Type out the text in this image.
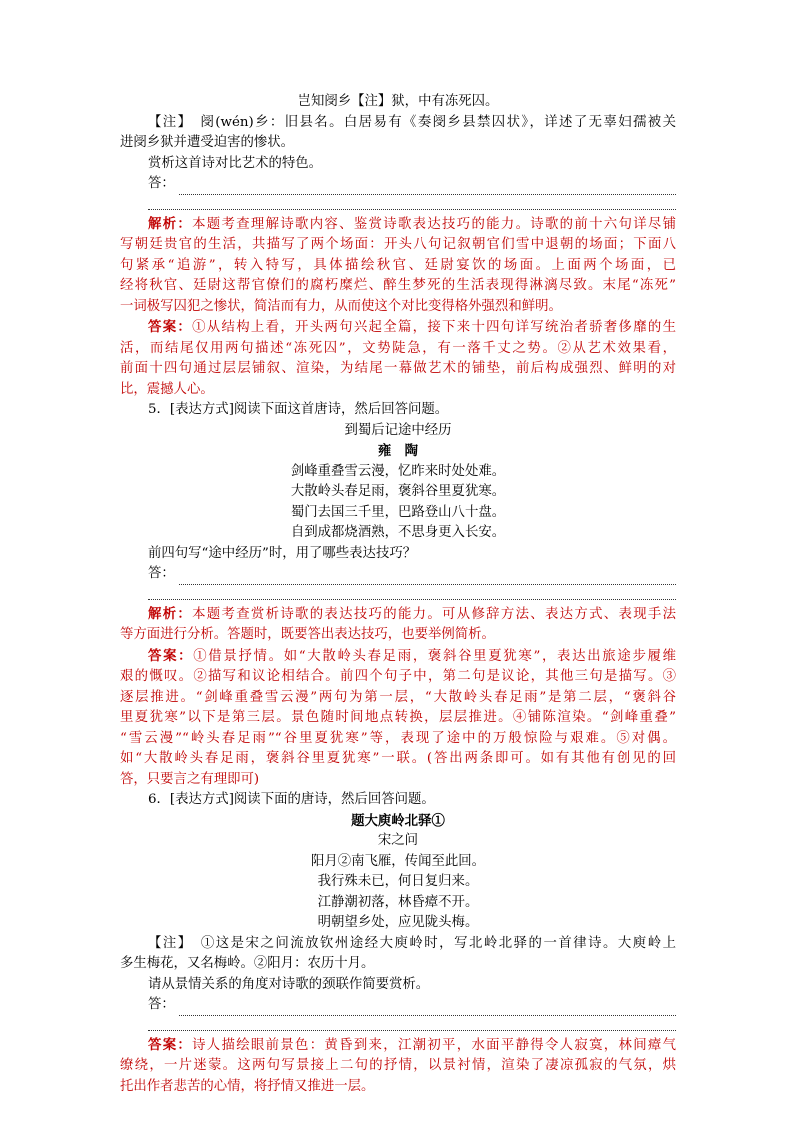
岂知阌乡【注】狱，中有冻死囚。
【注】　阌(wén)乡：旧县名。白居易有《奏阌乡县禁囚状》，详述了无辜妇孺被关
进阌乡狱并遭受迫害的惨状。
赏析这首诗对比艺术的特色。
答：
解析：本题考查理解诗歌内容、鉴赏诗歌表达技巧的能力。诗歌的前十六句详尽铺
写朝廷贵官的生活，共描写了两个场面：开头八句记叙朝官们雪中退朝的场面；下面八
句紧承“追游”，转入特写，具体描绘秋官、廷尉宴饮的场面。上面两个场面，已
经将秋官、廷尉这帮官僚们的腐朽糜烂、醉生梦死的生活表现得淋漓尽致。末尾“冻死”
一词极写囚犯之惨状，简洁而有力，从而使这个对比变得格外强烈和鲜明。
答案：①从结构上看，开头两句兴起全篇，接下来十四句详写统治者骄奢侈靡的生
活，而结尾仅用两句描述“冻死囚”，文势陡急，有一落千丈之势。②从艺术效果看，
前面十四句通过层层铺叙、渲染，为结尾一幕做艺术的铺垫，前后构成强烈、鲜明的对
比，震撼人心。
5．[表达方式]阅读下面这首唐诗，然后回答问题。
到蜀后记途中经历
雍　陶
剑峰重叠雪云漫，忆昨来时处处难。
大散岭头春足雨，褒斜谷里夏犹寒。
蜀门去国三千里，巴路登山八十盘。
自到成都烧酒熟，不思身更入长安。
前四句写“途中经历”时，用了哪些表达技巧？
答：
解析：本题考查赏析诗歌的表达技巧的能力。可从修辞方法、表达方式、表现手法
等方面进行分析。答题时，既要答出表达技巧，也要举例简析。
答案：①借景抒情。如“大散岭头春足雨，褒斜谷里夏犹寒”，表达出旅途步履维
艰的慨叹。②描写和议论相结合。前四个句子中，第二句是议论，其他三句是描写。③
逐层推进。“剑峰重叠雪云漫”两句为第一层，“大散岭头春足雨”是第二层，“褒斜谷
里夏犹寒”以下是第三层。景色随时间地点转换，层层推进。④铺陈渲染。“剑峰重叠”
“雪云漫”“岭头春足雨”“谷里夏犹寒”等，表现了途中的万般惊险与艰难。⑤对偶。
如“大散岭头春足雨，褒斜谷里夏犹寒”一联。(答出两条即可。如有其他有创见的回
答，只要言之有理即可)
6．[表达方式]阅读下面的唐诗，然后回答问题。
题大庾岭北驿①
宋之问
阳月②南飞雁，传闻至此回。
我行殊未已，何日复归来。
江静潮初落，林昏瘴不开。
明朝望乡处，应见陇头梅。
【注】　①这是宋之问流放钦州途经大庾岭时，写北岭北驿的一首律诗。大庾岭上
多生梅花，又名梅岭。②阳月：农历十月。
请从景情关系的角度对诗歌的颈联作简要赏析。
答：
答案：诗人描绘眼前景色：黄昏到来，江潮初平，水面平静得令人寂寞，林间瘴气
缭绕，一片迷蒙。这两句写景接上二句的抒情，以景衬情，渲染了凄凉孤寂的气氛，烘
托出作者悲苦的心情，将抒情又推进一层。
